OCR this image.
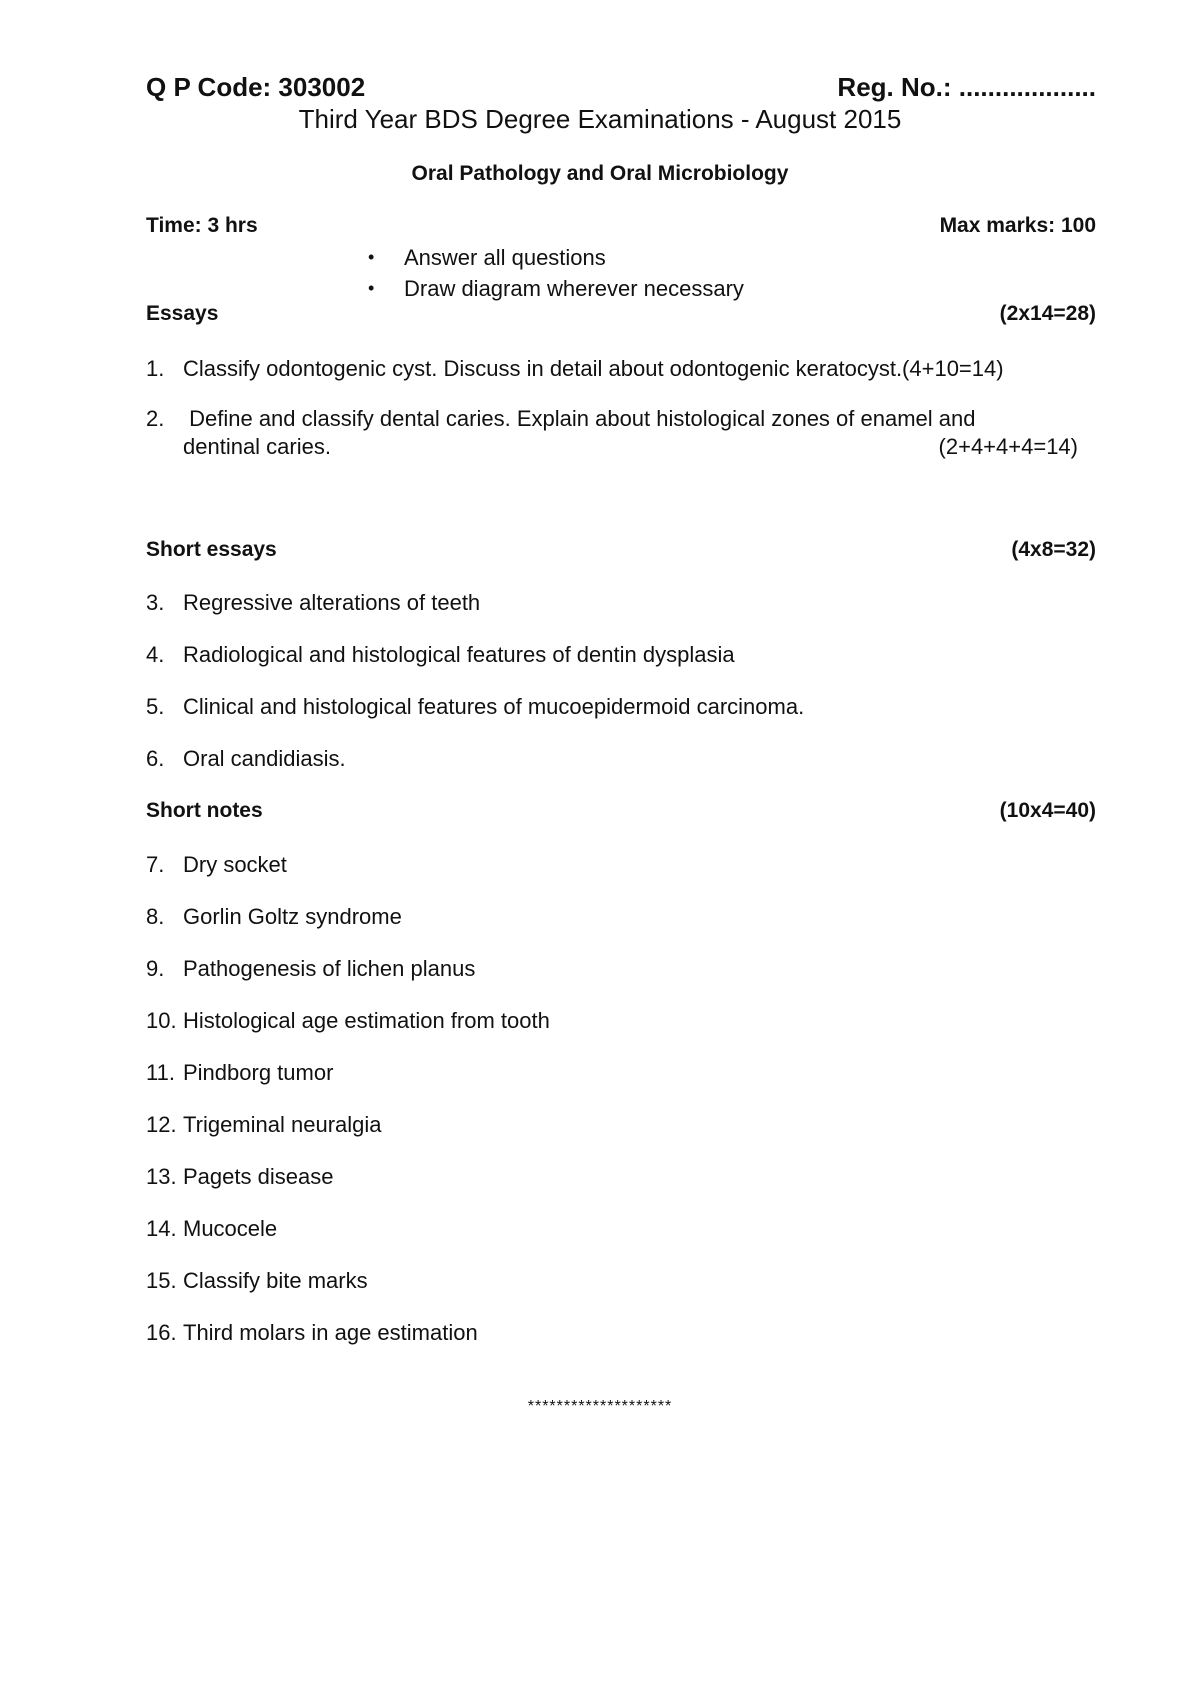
Q P Code: 303002	Reg. No.: ...................
Third Year BDS Degree Examinations - August 2015
Oral Pathology and Oral Microbiology
Time: 3 hrs	Max marks: 100
• Answer all questions
• Draw diagram wherever necessary
Essays	(2x14=28)
1. Classify odontogenic cyst. Discuss in detail about odontogenic keratocyst.(4+10=14)
2. Define and classify dental caries. Explain about histological zones of enamel and
dentinal caries.	(2+4+4+4=14)
Short essays	(4x8=32)
3. Regressive alterations of teeth
4. Radiological and histological features of dentin dysplasia
5. Clinical and histological features of mucoepidermoid carcinoma.
6. Oral candidiasis.
Short notes	(10x4=40)
7. Dry socket
8. Gorlin Goltz syndrome
9. Pathogenesis of lichen planus
10. Histological age estimation from tooth
11. Pindborg tumor
12. Trigeminal neuralgia
13. Pagets disease
14. Mucocele
15. Classify bite marks
16. Third molars in age estimation
********************
